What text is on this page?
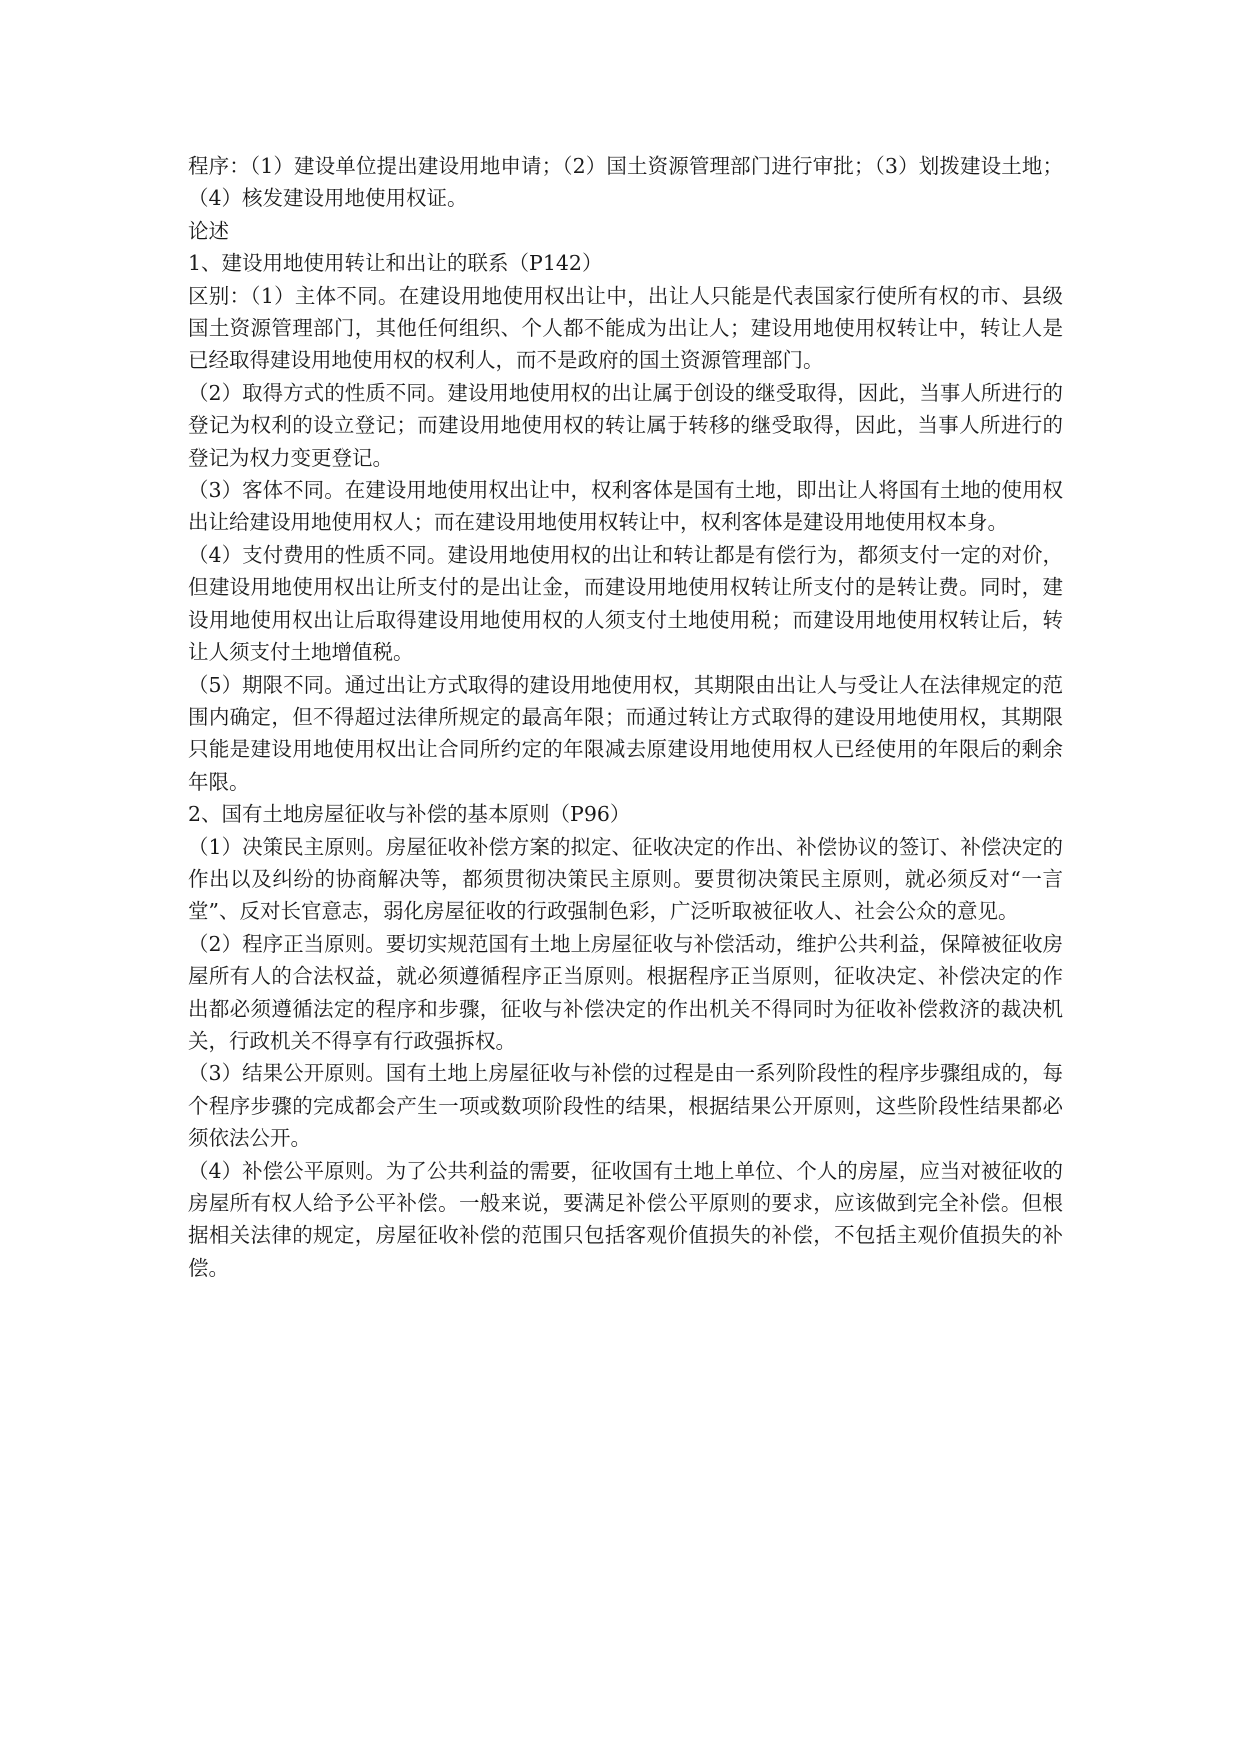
程序：（1）建设单位提出建设用地申请；（2）国土资源管理部门进行审批；（3）划拨建设土地；（4）核发建设用地使用权证。

论述

1、建设用地使用转让和出让的联系（P142）

区别：（1）主体不同。在建设用地使用权出让中，出让人只能是代表国家行使所有权的市、县级国土资源管理部门，其他任何组织、个人都不能成为出让人；建设用地使用权转让中，转让人是已经取得建设用地使用权的权利人，而不是政府的国土资源管理部门。

（2）取得方式的性质不同。建设用地使用权的出让属于创设的继受取得，因此，当事人所进行的登记为权利的设立登记；而建设用地使用权的转让属于转移的继受取得，因此，当事人所进行的登记为权力变更登记。

（3）客体不同。在建设用地使用权出让中，权利客体是国有土地，即出让人将国有土地的使用权出让给建设用地使用权人；而在建设用地使用权转让中，权利客体是建设用地使用权本身。

（4）支付费用的性质不同。建设用地使用权的出让和转让都是有偿行为，都须支付一定的对价，但建设用地使用权出让所支付的是出让金，而建设用地使用权转让所支付的是转让费。同时，建设用地使用权出让后取得建设用地使用权的人须支付土地使用税；而建设用地使用权转让后，转让人须支付土地增值税。

（5）期限不同。通过出让方式取得的建设用地使用权，其期限由出让人与受让人在法律规定的范围内确定，但不得超过法律所规定的最高年限；而通过转让方式取得的建设用地使用权，其期限只能是建设用地使用权出让合同所约定的年限减去原建设用地使用权人已经使用的年限后的剩余年限。

2、国有土地房屋征收与补偿的基本原则（P96）

（1）决策民主原则。房屋征收补偿方案的拟定、征收决定的作出、补偿协议的签订、补偿决定的作出以及纠纷的协商解决等，都须贯彻决策民主原则。要贯彻决策民主原则，就必须反对“一言堂”、反对长官意志，弱化房屋征收的行政强制色彩，广泛听取被征收人、社会公众的意见。

（2）程序正当原则。要切实规范国有土地上房屋征收与补偿活动，维护公共利益，保障被征收房屋所有人的合法权益，就必须遵循程序正当原则。根据程序正当原则，征收决定、补偿决定的作出都必须遵循法定的程序和步骤，征收与补偿决定的作出机关不得同时为征收补偿救济的裁决机关，行政机关不得享有行政强拆权。

（3）结果公开原则。国有土地上房屋征收与补偿的过程是由一系列阶段性的程序步骤组成的，每个程序步骤的完成都会产生一项或数项阶段性的结果，根据结果公开原则，这些阶段性结果都必须依法公开。

（4）补偿公平原则。为了公共利益的需要，征收国有土地上单位、个人的房屋，应当对被征收的房屋所有权人给予公平补偿。一般来说，要满足补偿公平原则的要求，应该做到完全补偿。但根据相关法律的规定，房屋征收补偿的范围只包括客观价值损失的补偿，不包括主观价值损失的补偿。
